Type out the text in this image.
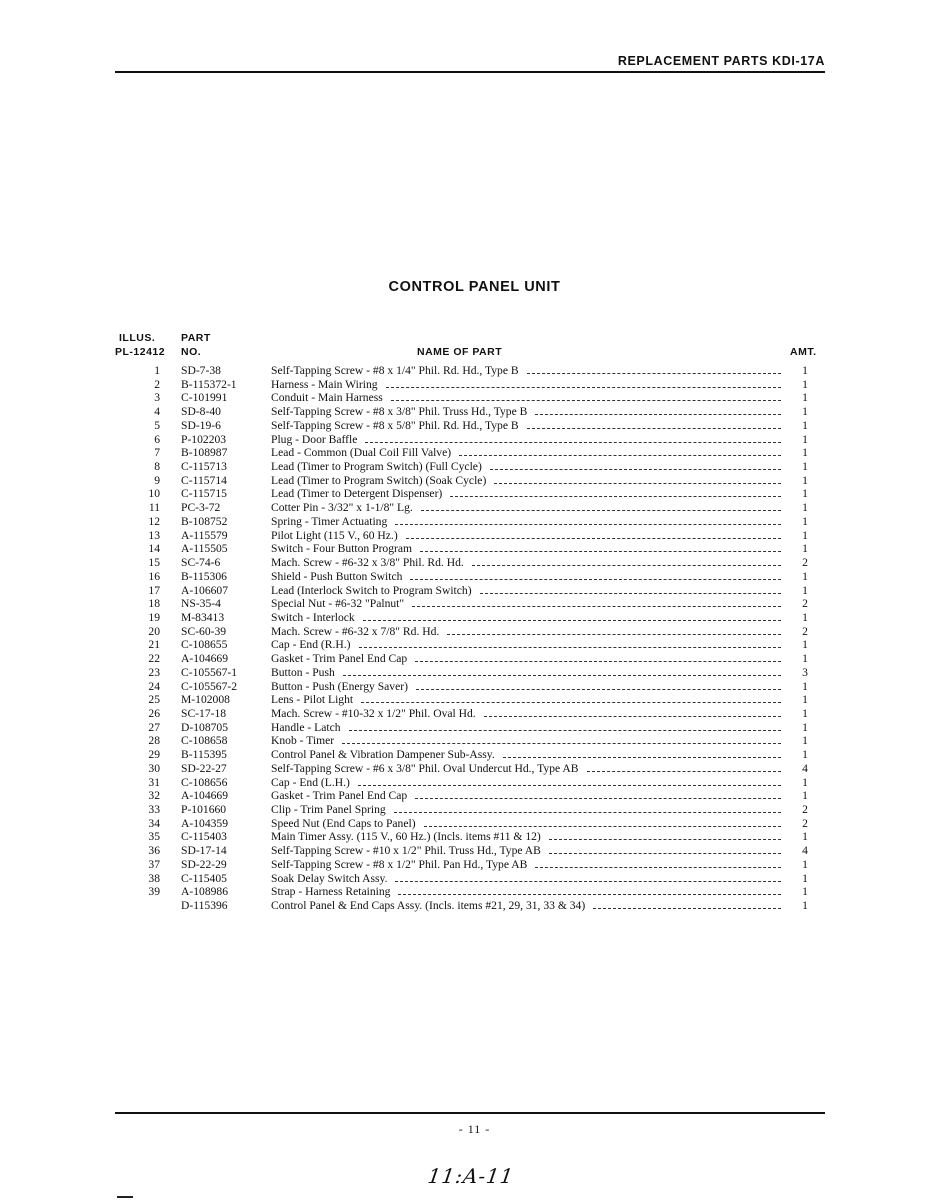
REPLACEMENT PARTS KDI-17A
CONTROL PANEL UNIT
ILLUS.
PL-12412
PART
NO.	NAME OF PART	AMT.
1 SD-7-38	Self-Tapping Screw - #8 x 1/4" Phil. Rd. Hd., Type B	1
2 B-115372-1	Harness - Main Wiring	1
3 C-101991	Conduit - Main Harness	1
4 SD-8-40	Self-Tapping Screw - #8 x 3/8" Phil. Truss Hd., Type B	1
5 SD-19-6	Self-Tapping Screw - #8 x 5/8" Phil. Rd. Hd., Type B	1
6 P-102203	Plug - Door Baffle	1
7 B-108987	Lead - Common (Dual Coil Fill Valve)	1
8 C-115713	Lead (Timer to Program Switch) (Full Cycle)	1
9 C-115714	Lead (Timer to Program Switch) (Soak Cycle)	1
10 C-115715	Lead (Timer to Detergent Dispenser)	1
11 PC-3-72	Cotter Pin - 3/32" x 1-1/8" Lg.	1
12 B-108752	Spring - Timer Actuating	1
13 A-115579	Pilot Light (115 V., 60 Hz.)	1
14 A-115505	Switch - Four Button Program	1
15 SC-74-6	Mach. Screw - #6-32 x 3/8" Phil. Rd. Hd.	2
16 B-115306	Shield - Push Button Switch	1
17 A-106607	Lead (Interlock Switch to Program Switch)	1
18 NS-35-4	Special Nut - #6-32 "Palnut"	2
19 M-83413	Switch - Interlock	1
20 SC-60-39	Mach. Screw - #6-32 x 7/8" Rd. Hd.	2
21 C-108655	Cap - End (R.H.)	1
22 A-104669	Gasket - Trim Panel End Cap	1
23 C-105567-1	Button - Push	3
24 C-105567-2	Button - Push (Energy Saver)	1
25 M-102008	Lens - Pilot Light	1
26 SC-17-18	Mach. Screw - #10-32 x 1/2" Phil. Oval Hd.	1
27 D-108705	Handle - Latch	1
28 C-108658	Knob - Timer	1
29 B-115395	Control Panel & Vibration Dampener Sub-Assy.	1
30 SD-22-27	Self-Tapping Screw - #6 x 3/8" Phil. Oval Undercut Hd., Type AB	4
31 C-108656	Cap - End (L.H.)	1
32 A-104669	Gasket - Trim Panel End Cap	1
33 P-101660	Clip - Trim Panel Spring	2
34 A-104359	Speed Nut (End Caps to Panel)	2
35 C-115403	Main Timer Assy. (115 V., 60 Hz.) (Incls. items #11 & 12)	1
36 SD-17-14	Self-Tapping Screw - #10 x 1/2" Phil. Truss Hd., Type AB	4
37 SD-22-29	Self-Tapping Screw - #8 x 1/2" Phil. Pan Hd., Type AB	1
38 C-115405	Soak Delay Switch Assy.	1
39 A-108986	Strap - Harness Retaining	1
D-115396	Control Panel & End Caps Assy. (Incls. items #21, 29, 31, 33 & 34)	1
- 11 -
11:A-11
